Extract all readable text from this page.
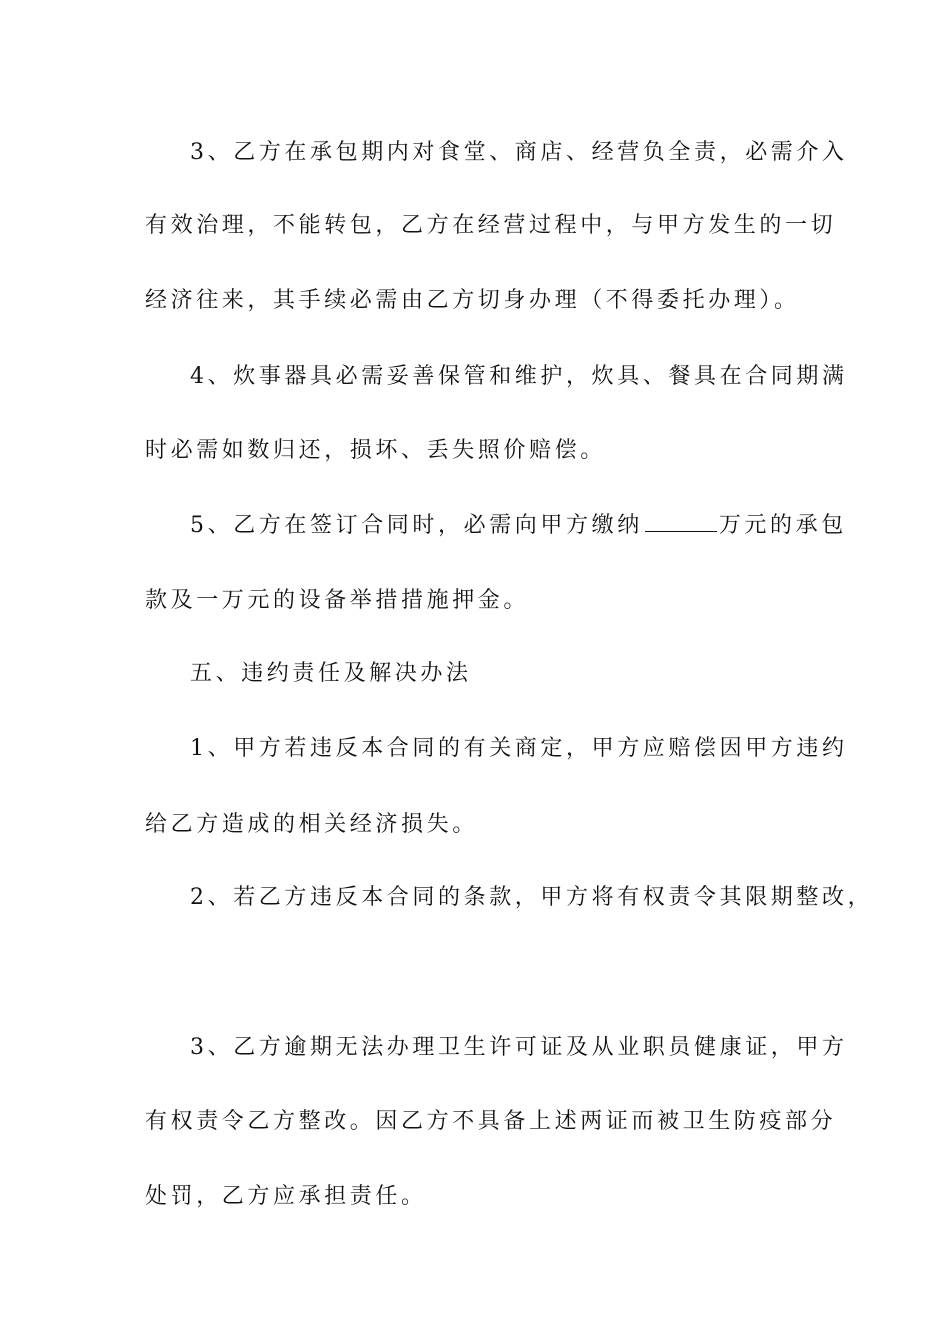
3、乙方在承包期内对食堂、商店、经营负全责，必需介入
有效治理，不能转包，乙方在经营过程中，与甲方发生的一切
经济往来，其手续必需由乙方切身办理（不得委托办理）。
4、炊事器具必需妥善保管和维护，炊具、餐具在合同期满
时必需如数归还，损坏、丢失照价赔偿。
5、乙方在签订合同时，必需向甲方缴纳	万元的承包
款及一万元的设备举措措施押金。
五、违约责任及解决办法
1、甲方若违反本合同的有关商定，甲方应赔偿因甲方违约
给乙方造成的相关经济损失。
2、若乙方违反本合同的条款，甲方将有权责令其限期整改，
3、乙方逾期无法办理卫生许可证及从业职员健康证，甲方
有权责令乙方整改。因乙方不具备上述两证而被卫生防疫部分
处罚，乙方应承担责任。
